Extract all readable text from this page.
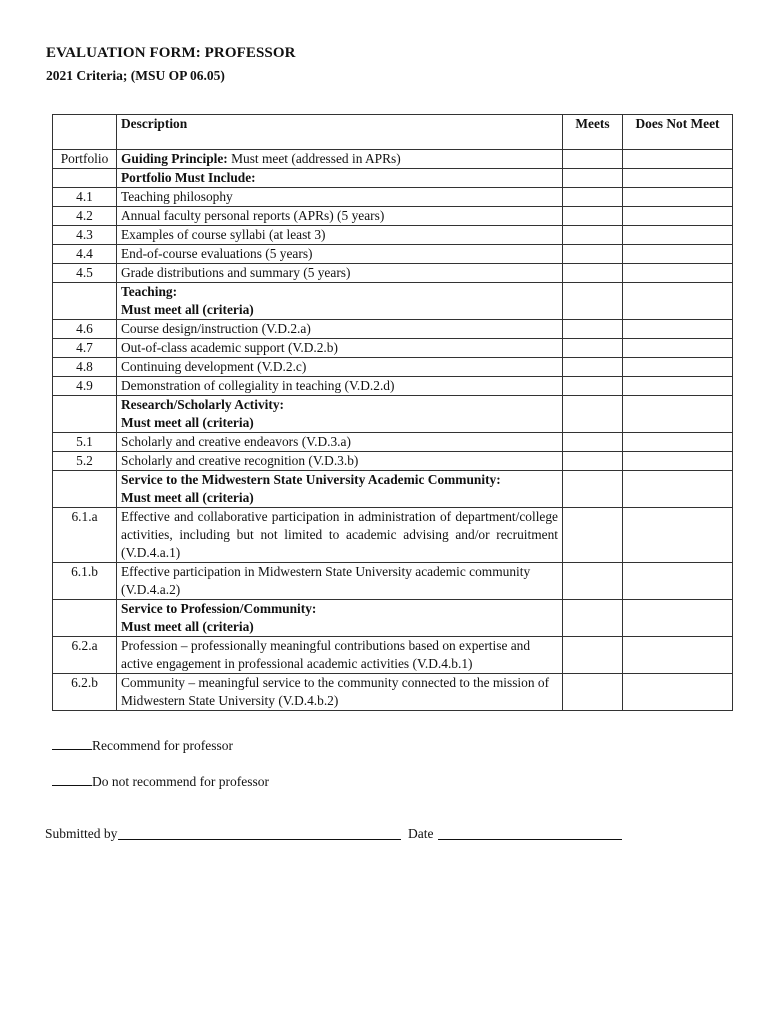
EVALUATION FORM: PROFESSOR
2021 Criteria; (MSU OP 06.05)
	Description	Meets	Does Not Meet
Portfolio	Guiding Principle: Must meet (addressed in APRs)		
	Portfolio Must Include:		
4.1	Teaching philosophy		
4.2	Annual faculty personal reports (APRs) (5 years)		
4.3	Examples of course syllabi (at least 3)		
4.4	End-of-course evaluations (5 years)		
4.5	Grade distributions and summary (5 years)		

	Teaching:
Must meet all (criteria)		

4.6	Course design/instruction (V.D.2.a)		
4.7	Out-of-class academic support (V.D.2.b)		
4.8	Continuing development (V.D.2.c)		
4.9	Demonstration of collegiality in teaching (V.D.2.d)		

	Research/Scholarly Activity:
Must meet all (criteria)		

5.1	Scholarly and creative endeavors (V.D.3.a)		
5.2	Scholarly and creative recognition (V.D.3.b)		

	Service to the Midwestern State University Academic Community:
Must meet all (criteria)		

6.1.a	Effective and collaborative participation in administration of department/college activities, including but not limited to academic advising and/or recruitment (V.D.4.a.1)		
6.1.b	Effective participation in Midwestern State University academic community (V.D.4.a.2)		

	Service to Profession/Community:
Must meet all (criteria)		

6.2.a	Profession – professionally meaningful contributions based on expertise and active engagement in professional academic activities (V.D.4.b.1)		
6.2.b	Community – meaningful service to the community connected to the mission of Midwestern State University (V.D.4.b.2)		
Recommend for professor
Do not recommend for professor
Submitted by	Date
